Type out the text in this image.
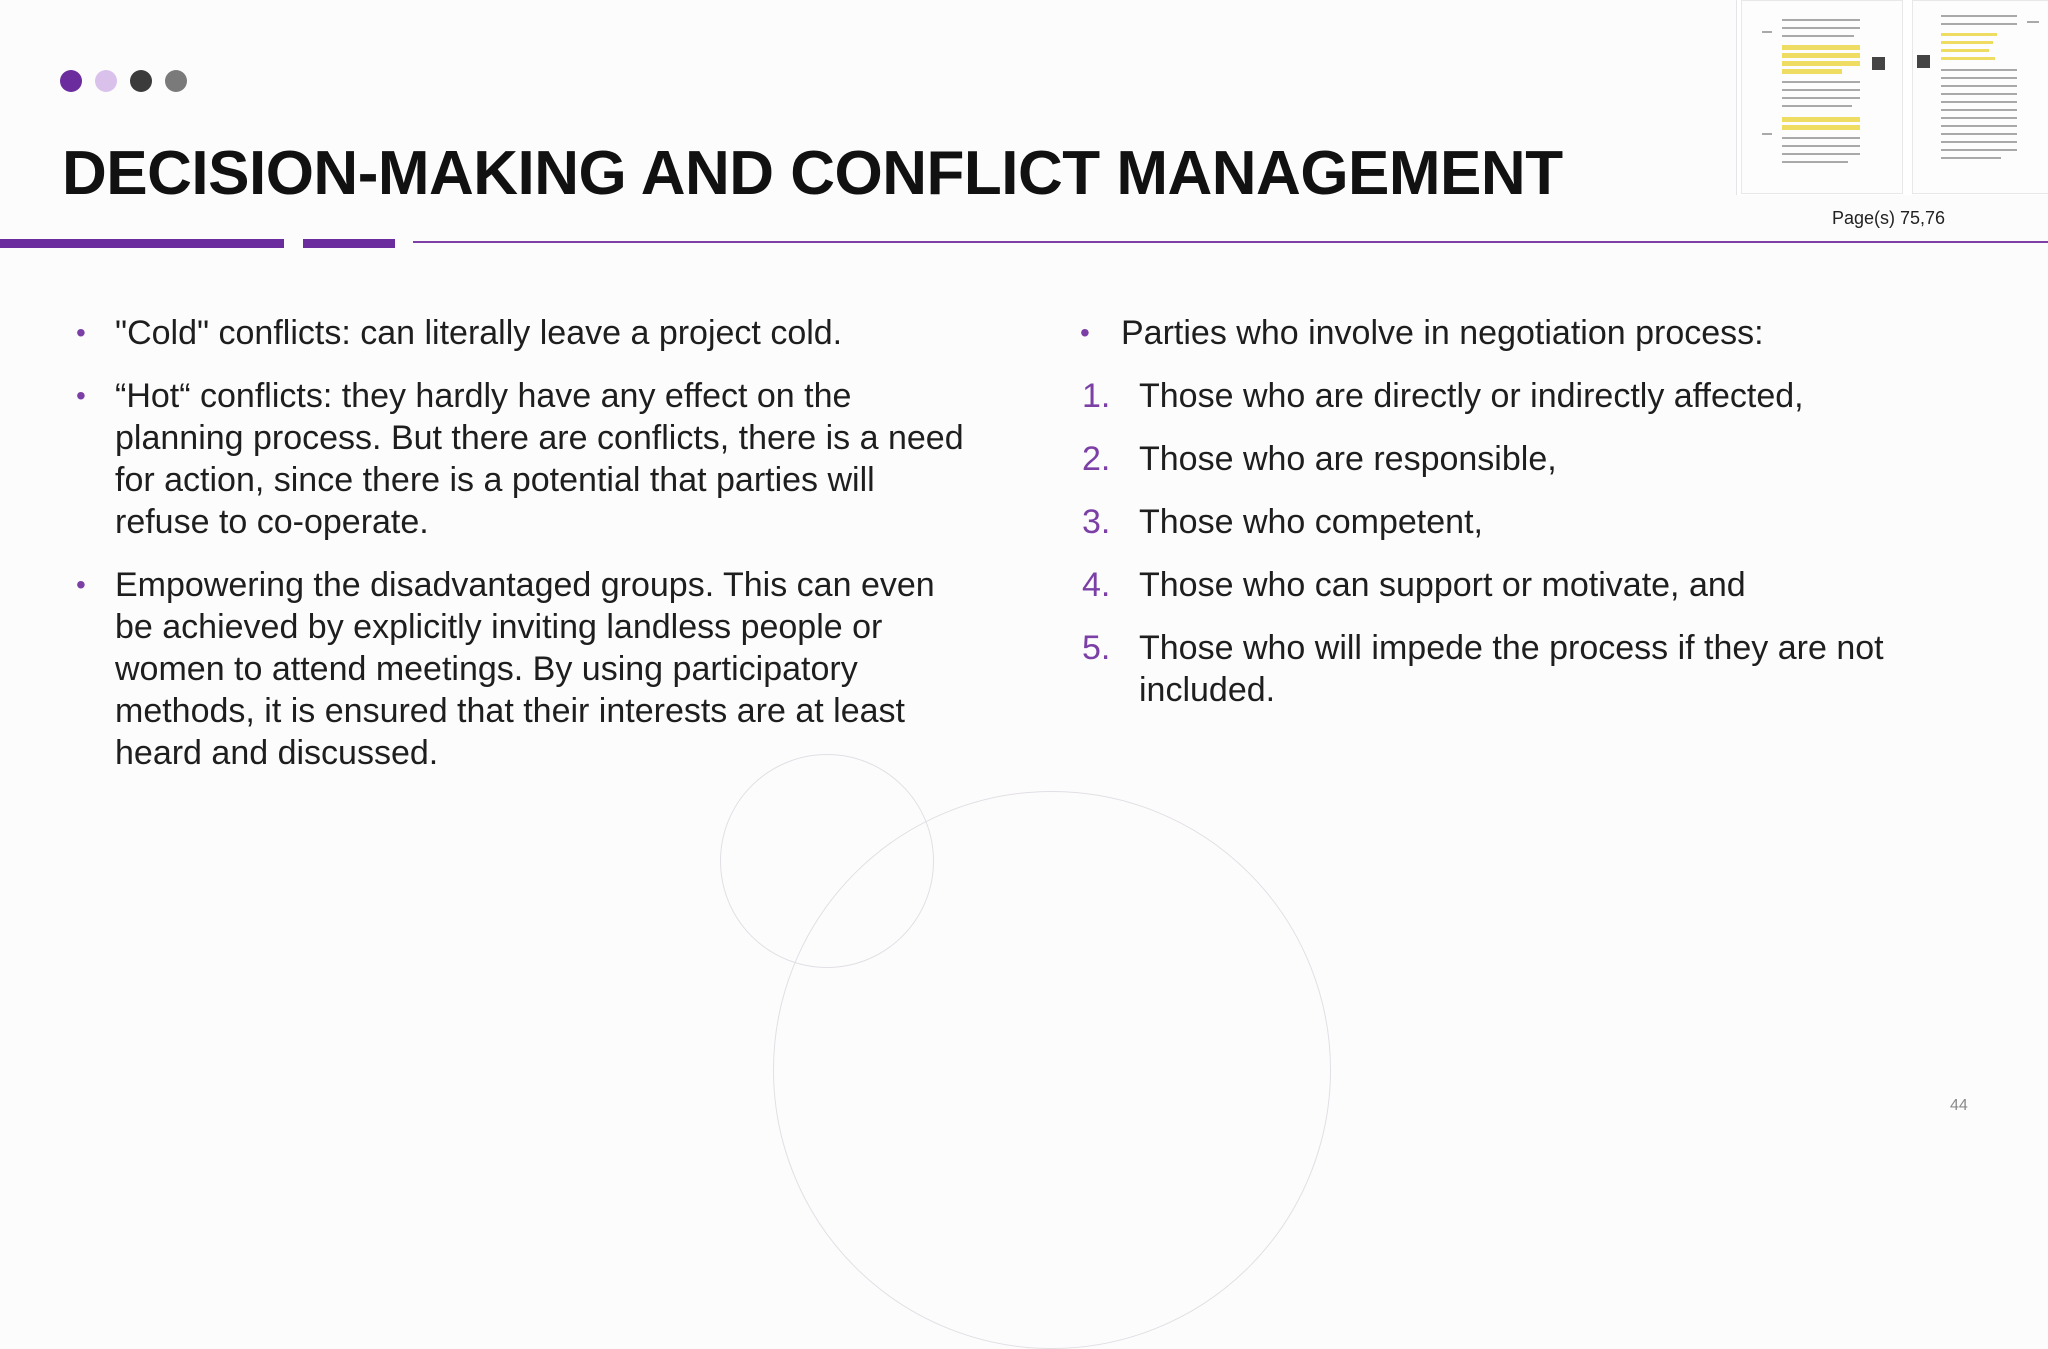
DECISION-MAKING AND CONFLICT MANAGEMENT
Page(s) 75,76
• "Cold" conflicts: can literally leave a project cold.
• “Hot“ conflicts: they hardly have any effect on the planning process. But there are conflicts, there is a need for action, since there is a potential that parties will refuse to co-operate.
• Empowering the disadvantaged groups. This can even be achieved by explicitly inviting landless people or women to attend meetings. By using participatory methods, it is ensured that their interests are at least heard and discussed.
• Parties who involve in negotiation process:
1. Those who are directly or indirectly affected,
2. Those who are responsible,
3. Those who competent,
4. Those who can support or motivate, and
5. Those who will impede the process if they are not included.
44
